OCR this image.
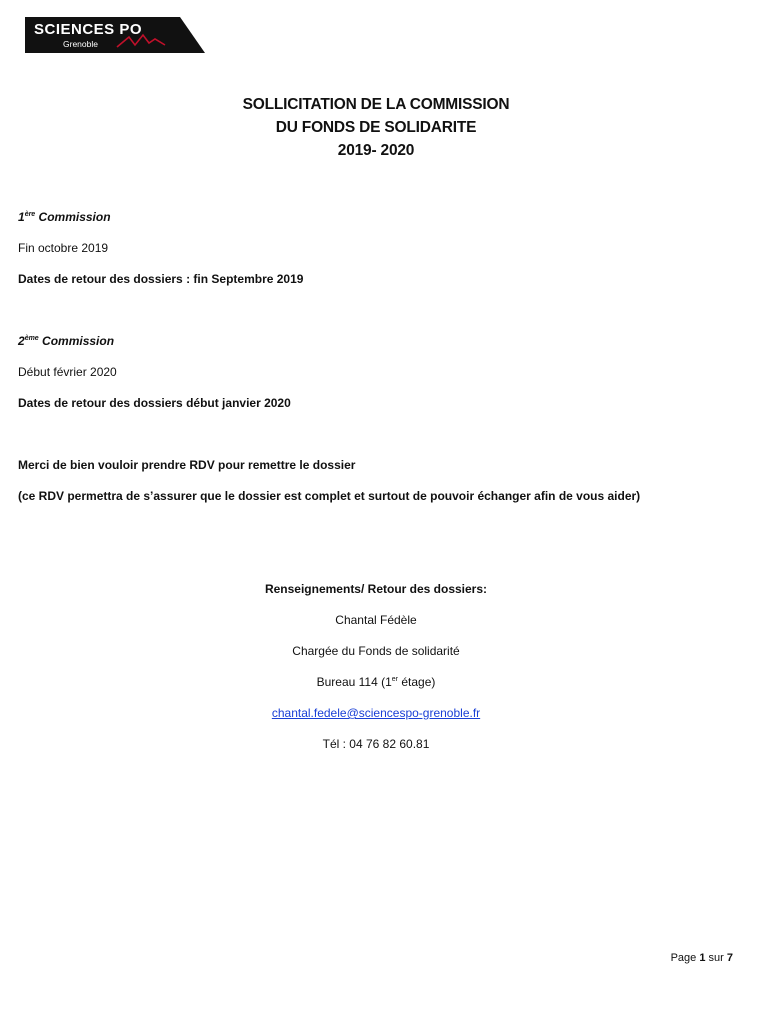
SCIENCES PO
Grenoble
SOLLICITATION DE LA COMMISSION
DU FONDS DE SOLIDARITE
2019- 2020
1ère Commission
Fin octobre 2019
Dates de retour des dossiers : fin Septembre 2019
2ème Commission
Début février 2020
Dates de retour des dossiers début janvier 2020
Merci de bien vouloir prendre RDV pour remettre le dossier
(ce RDV permettra de s’assurer que le dossier est complet et surtout de pouvoir échanger afin de vous aider)
Renseignements/ Retour des dossiers:
Chantal Fédèle
Chargée du Fonds de solidarité
Bureau 114 (1er étage)
chantal.fedele@sciencespo-grenoble.fr
Tél : 04 76 82 60.81
Page 1 sur 7
